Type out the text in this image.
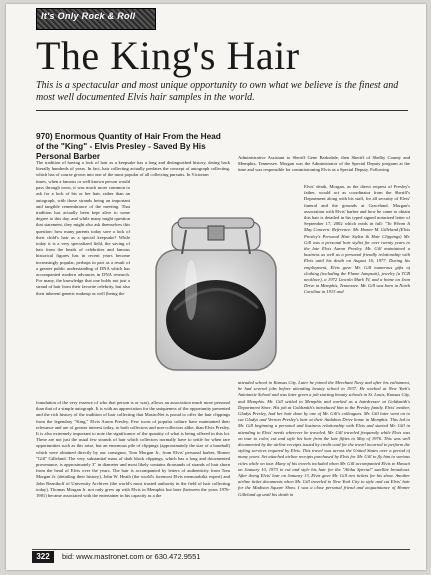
It's Only Rock & Roll
The King's Hair
This is a spectacular and most unique opportunity to own what we believe is the finest and most well documented Elvis hair samples in the world.
970) Enormous Quantity of Hair From the Head of the "King" - Elvis Presley - Saved By His Personal Barber
The tradition of having a lock of hair as a keepsake has a long and distinguished history, dating back literally hundreds of years. In fact, hair collecting actually predates the concept of autograph collecting, which has of course grown into one of the most popular of all collecting pursuits. In Victorian
times, when a famous or well known person would pass through town, it was much more common to ask for a lock of his or her hair, rather than an autograph, with those strands being an important and tangible remembrance of the meeting. That tradition has actually been kept alive to some degree to this day, and while many might question that statement, they might also ask themselves this question: how many parents today save a lock of their child's hair as a special keepsake? While today it is a very specialized field, the saving of hair from the heads of celebrities and famous historical figures has in recent years become increasingly popular, perhaps in part as a result of a greater public understanding of DNA which has accompanied modern advances in DNA research. For many, the knowledge that one holds not just a strand of hair from their favorite celebrity, but also their inherent genetic makeup as well (being the
Administrative Assistant to Sheriff Gene Barksdale, then Sheriff of Shelby County and Memphis, Tennessee. Morgan was the Administrator of the Special Deputy program at the time and was responsible for commissioning Elvis as a Special Deputy. Following
Elvis' death, Morgan, as the direct request of Presley's father, would act as coordinator from the Sheriff's Department along with his staff, for all security of Elvis' funeral and the grounds at Graceland. Morgan's association with Elvis' barber and how he came to obtain this hair is detailed in his typed signed notarized letter of September 17, 2002 which reads in full: "To Whom It May Concern: Reference: Mr. Homer M. Gilleland (Elvis Presley's Personal Hair Stylist & Hair Clippings) Mr. Gill was a personal hair stylist for over twenty years to the late Elvis Aaron Presley. Mr. Gill maintained a business as well as a personal friendly relationship with Elvis until his death on August 16, 1977. During his employment, Elvis gave Mr. Gill numerous gifts of clothing (including the Flame Jumpsuit), jewelry (a TCB necklace), a 1972 Lincoln Mark IV, and a home on Jean Drive in Memphis, Tennessee. Mr. Gill was born in North Carolina in 1913 and
foundation of the very essence of who that person is or was), allows an association much more personal than that of a simple autograph. It is with an appreciation for the uniqueness of the opportunity presented and the rich history of the tradition of hair collecting that MastroNet is proud to offer the hair clippings from the legendary "King," Elvis Aaron Presley. Few icons of popular culture have maintained their relevance and are of greater interest today, to both collectors and non-collectors alike, than Elvis Presley. It is also extremely important to note the significance of the quantity of what is being offered in this lot. These are not just the usual few strands of hair which collectors normally have to settle for when rare opportunities such as this arise, but an enormous pile of clippings (approximately the size of a baseball) which were obtained directly by our consignor, Tom Morgan Jr., from Elvis' personal barber, Homer "Gill" Gilleland. The very substantial mass of dark black clippings, which has a long and documented provenance, is approximately 3" in diameter and most likely contains thousands of strands of hair shorn from the head of Elvis over the years. The hair is accompanied by letters of authenticity from Tom Morgan Jr. (detailing their history), John W. Heath (the world's foremost Elvis memorabilia expert) and John Reznikoff of University Archives (the world's most trusted authority in the field of hair collecting today). Thomas Morgan Jr. not only grew up with Elvis in Memphis but later (between the years 1976-1981) became associated with the entertainer in his capacity as a the
attended school in Kansas City. Later he joined the Merchant Navy and after his enlistment, he had several jobs before attending beauty school in 1937. He worked at New York's Antoinette School and was later given a job starting beauty schools in St. Louis, Kansas City, and Memphis. Mr. Gill settled in Memphis and worked as a hairdresser at Goldsmith's Department Store. His job at Goldsmith's introduced him to the Presley family. Elvis' mother, Gladys Presley, had her hair done by one of Mr. Gill's colleagues. Mr. Gill later went on to cut Gladys and Vernon Presley's hair at their Audubon Drive home in Memphis. This led to Mr. Gill beginning a personal and business relationship with Elvis and started Mr. Gill in attending to Elvis' needs wherever he traveled. Mr. Gill traveled frequently while Elvis was on tour to color, cut and style his hair from the late fifties to May of 1976. This was well documented by the airline receipts issued by credit card for the travel incurred to perform the styling services required by Elvis. This travel was across the United States over a period of many years. Set attached airline receipts purchased by Elvis for Mr. Gill to fly him to various cities while on tour. Many of his travels included when Mr. Gill accompanied Elvis to Hawaii on January 10, 1973 to cut and style his hair for the "Aloha Special" satellite broadcast. After doing Elvis' hair on January 13, Elvis gave Mr. Gill two tickets for his show. Another airline ticket documents when Mr. Gill traveled to New York City to style and cut Elvis' hair for the Madison Square Show. I was a close personal friend and acquaintance of Homer Gilleland up until his death in
322	bid: www.mastronet.com or 630.472.9551
